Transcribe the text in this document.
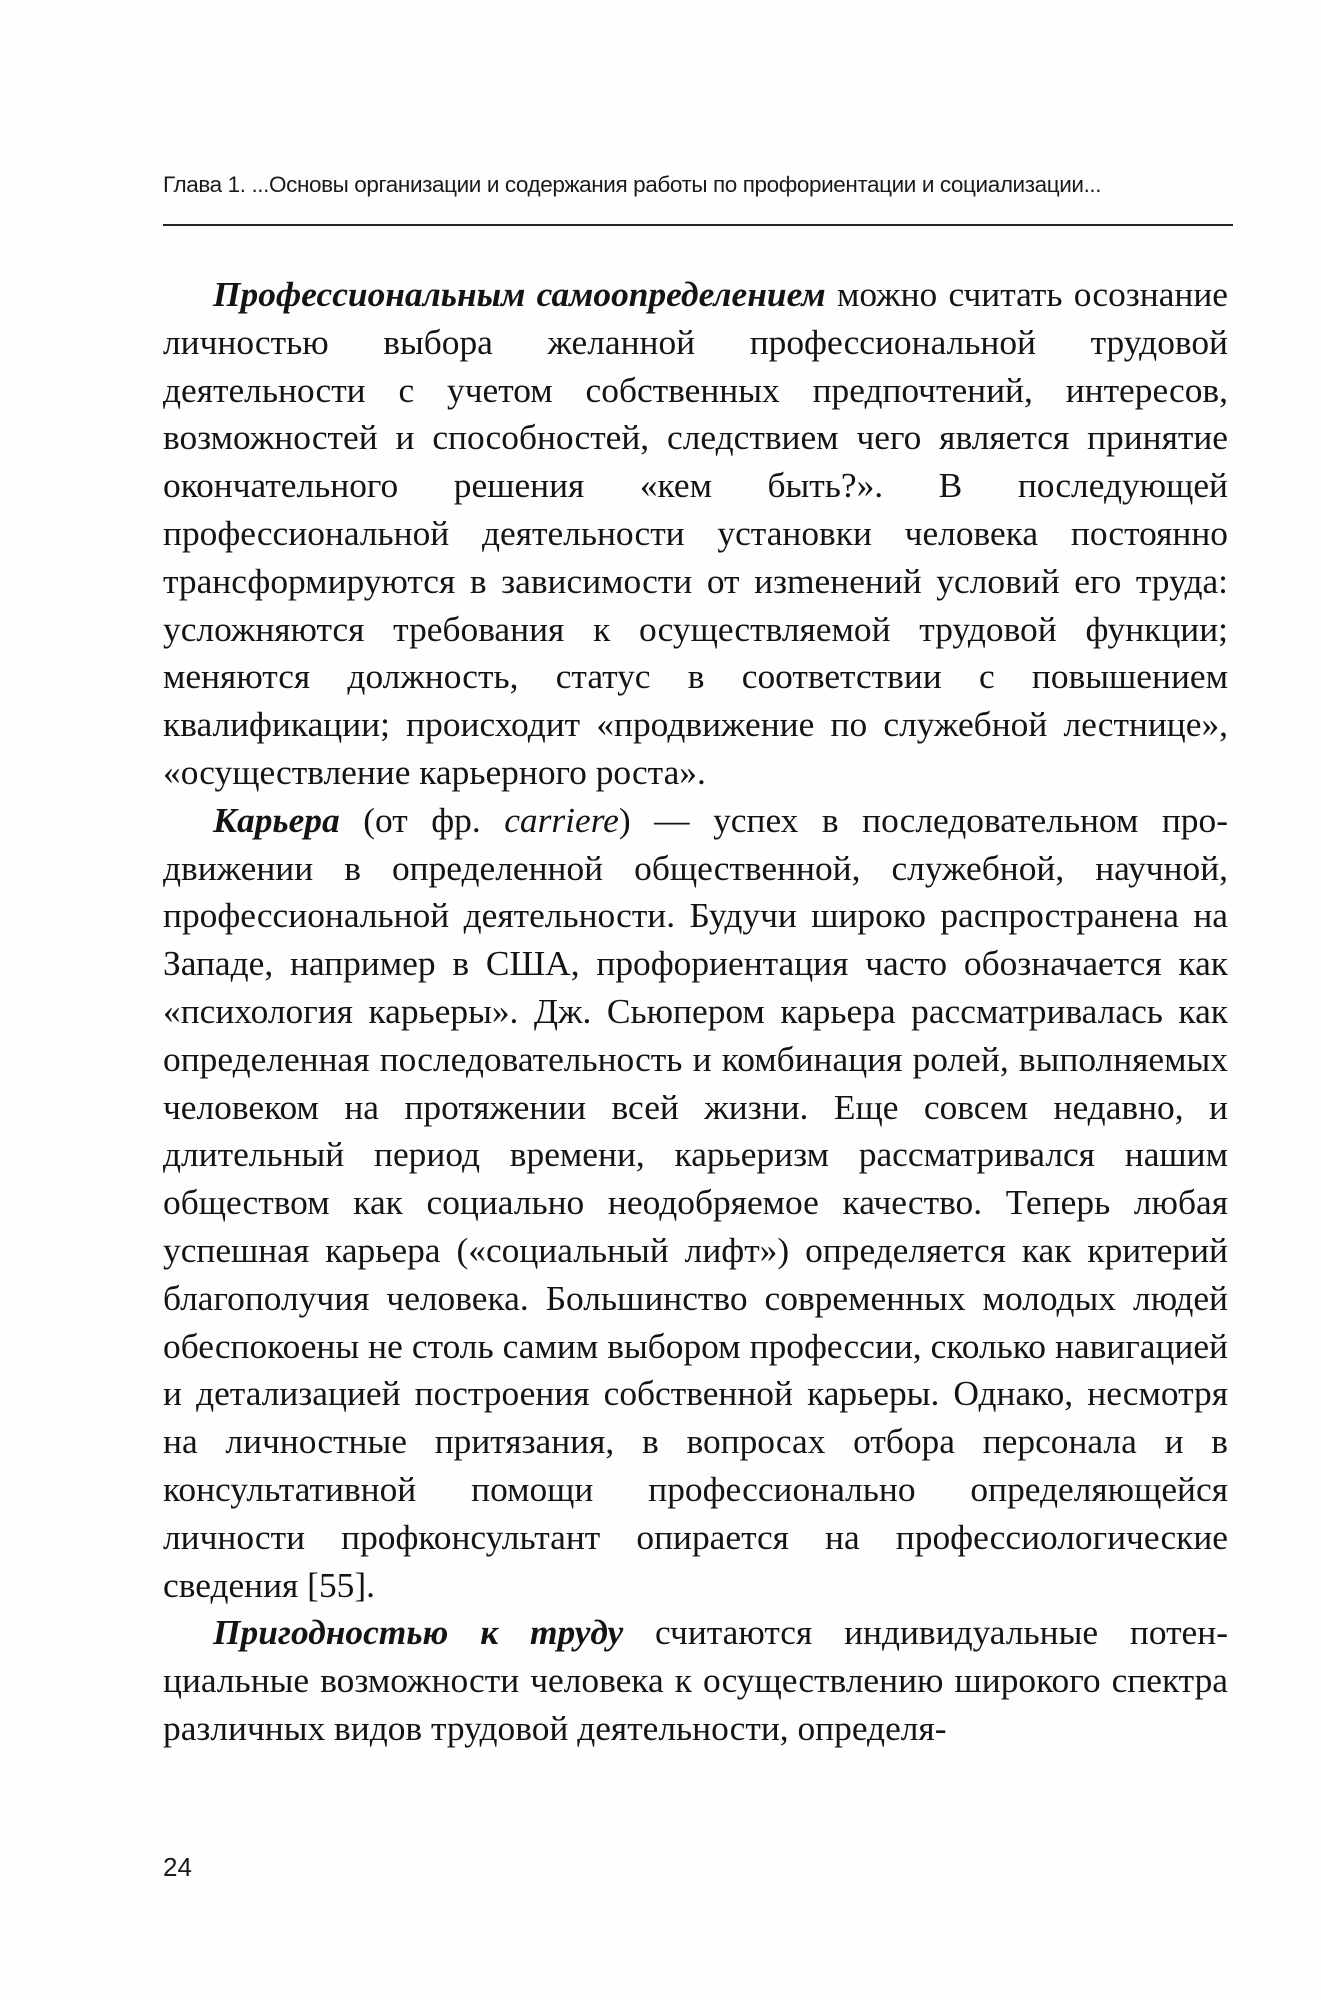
Глава 1. ...Основы организации и содержания работы по профориентации и социализации...

Профессиональным самоопределением можно считать осознание личностью выбора желанной профессиональной трудовой деятельности с учетом собственных предпочтений, интересов, возможностей и способностей, следствием чего является принятие окончательного решения «кем быть?». В последующей профессиональной деятельности установки человека постоянно трансформируются в зависимости от изmенений условий его труда: усложняются требования к осуществляемой трудовой функции; меняются должность, статус в соответствии с повышением квалификации; происходит «продвижение по служебной лестнице», «осуществление карьерного роста».

Карьера (от фр. carriere) — успех в последовательном продвижении в определенной общественной, служебной, научной, профессиональной деятельности. Будучи широко распространена на Западе, например в США, профориентация часто обозначается как «психология карьеры». Дж. Сьюпером карьера рассматривалась как определенная последовательность и комбинация ролей, выполняемых человеком на протяжении всей жизни. Еще совсем недавно, и длительный период времени, карьеризм рассматривался нашим обществом как социально неодобряемое качество. Теперь любая успешная карьера («социальный лифт») определяется как критерий благополучия человека. Большинство современных молодых людей обеспокоены не столь самим выбором профессии, сколько навигацией и детализацией построения собственной карьеры. Однако, несмотря на личностные притязания, в вопросах отбора персонала и в консультативной помощи профессионально определяющейся личности профконсультант опирается на профессиологические сведения [55].

Пригодностью к труду считаются индивидуальные потенциальные возможности человека к осуществлению широкого спектра различных видов трудовой деятельности, определя-

24
